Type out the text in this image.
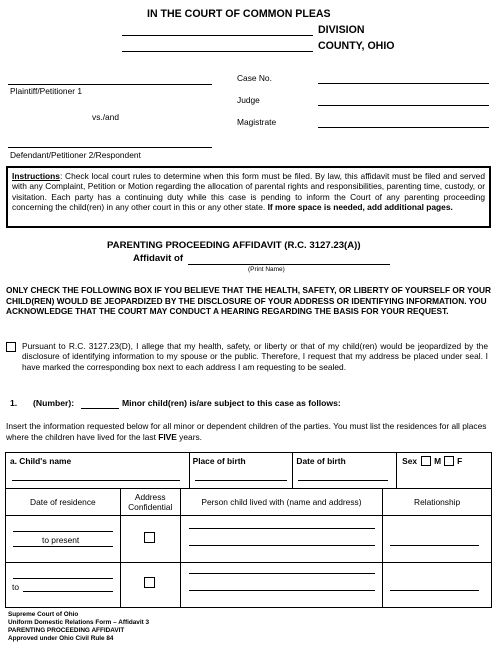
IN THE COURT OF COMMON PLEAS
DIVISION
COUNTY, OHIO
Plaintiff/Petitioner 1
vs./and
Defendant/Petitioner 2/Respondent
Case No.
Judge
Magistrate
Instructions: Check local court rules to determine when this form must be filed. By law, this affidavit must be filed and served with any Complaint, Petition or Motion regarding the allocation of parental rights and responsibilities, parenting time, custody, or visitation. Each party has a continuing duty while this case is pending to inform the Court of any parenting proceeding concerning the child(ren) in any other court in this or any other state. If more space is needed, add additional pages.
PARENTING PROCEEDING AFFIDAVIT (R.C. 3127.23(A))
Affidavit of
(Print Name)
ONLY CHECK THE FOLLOWING BOX IF YOU BELIEVE THAT THE HEALTH, SAFETY, OR LIBERTY OF YOURSELF OR YOUR CHILD(REN) WOULD BE JEOPARDIZED BY THE DISCLOSURE OF YOUR ADDRESS OR IDENTIFYING INFORMATION. YOU ACKNOWLEDGE THAT THE COURT MAY CONDUCT A HEARING REGARDING THE BASIS FOR YOUR REQUEST.
Pursuant to R.C. 3127.23(D), I allege that my health, safety, or liberty or that of my child(ren) would be jeopardized by the disclosure of identifying information to my spouse or the public. Therefore, I request that my address be placed under seal. I have marked the corresponding box next to each address I am requesting to be sealed.
1. (Number):	Minor child(ren) is/are subject to this case as follows:
Insert the information requested below for all minor or dependent children of the parties. You must list the residences for all places where the children have lived for the last FIVE years.
a. Child's name	Place of birth	Date of birth	Sex M F
Date of residence	Address Confidential	Person child lived with (name and address)	Relationship

to present			

to			

Supreme Court of Ohio
Uniform Domestic Relations Form – Affidavit 3
PARENTING PROCEEDING AFFIDAVIT
Approved under Ohio Civil Rule 84
